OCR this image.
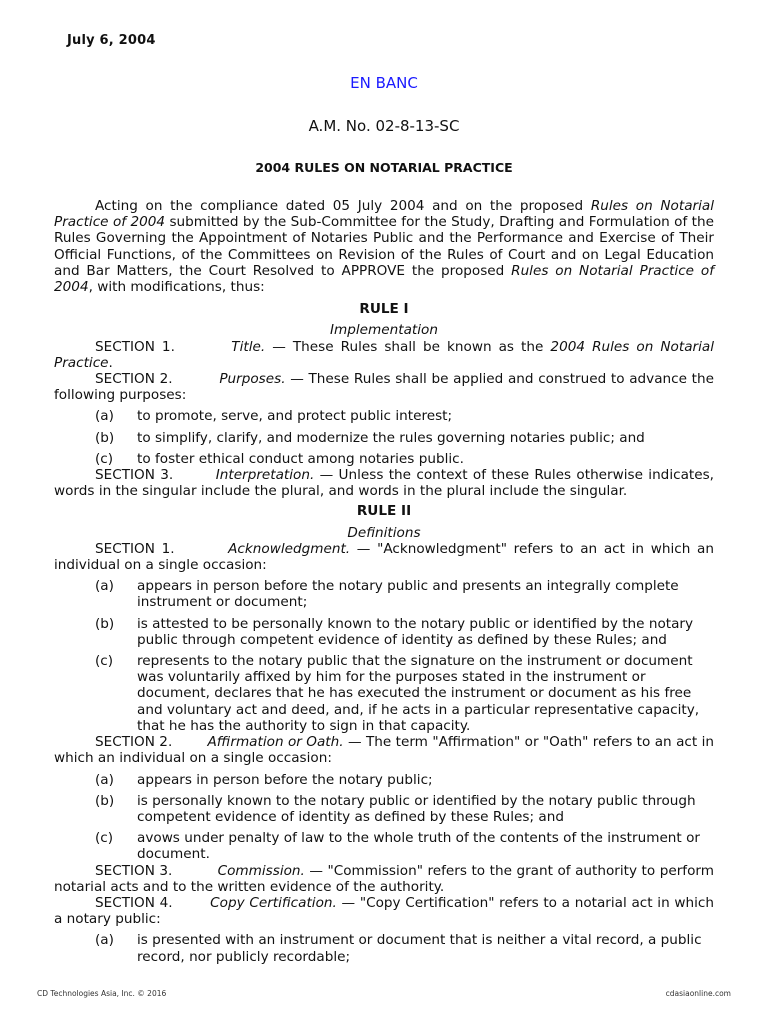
July 6, 2004
EN BANC
A.M. No. 02-8-13-SC
2004 RULES ON NOTARIAL PRACTICE

Acting on the compliance dated 05 July 2004 and on the proposed Rules on Notarial Practice of 2004 submitted by the Sub-Committee for the Study, Drafting and Formulation of the Rules Governing the Appointment of Notaries Public and the Performance and Exercise of Their Official Functions, of the Committees on Revision of the Rules of Court and on Legal Education and Bar Matters, the Court Resolved to APPROVE the proposed Rules on Notarial Practice of 2004, with modifications, thus:

RULE I

Implementation

SECTION 1.	Title. — These Rules shall be known as the 2004 Rules on Notarial Practice.

SECTION 2.	Purposes. — These Rules shall be applied and construed to advance the following purposes:

(a) to promote, serve, and protect public interest;
(b) to simplify, clarify, and modernize the rules governing notaries public; and
(c) to foster ethical conduct among notaries public.

SECTION 3.	Interpretation. — Unless the context of these Rules otherwise indicates, words in the singular include the plural, and words in the plural include the singular.

RULE II

Definitions

SECTION 1.	Acknowledgment. — "Acknowledgment" refers to an act in which an individual on a single occasion:

(a) appears in person before the notary public and presents an integrally complete instrument or document;
(b) is attested to be personally known to the notary public or identified by the notary public through competent evidence of identity as defined by these Rules; and
(c) represents to the notary public that the signature on the instrument or document was voluntarily affixed by him for the purposes stated in the instrument or document, declares that he has executed the instrument or document as his free and voluntary act and deed, and, if he acts in a particular representative capacity, that he has the authority to sign in that capacity.

SECTION 2.	Affirmation or Oath. — The term "Affirmation" or "Oath" refers to an act in which an individual on a single occasion:

(a) appears in person before the notary public;
(b) is personally known to the notary public or identified by the notary public through competent evidence of identity as defined by these Rules; and
(c) avows under penalty of law to the whole truth of the contents of the instrument or document.

SECTION 3.	Commission. — "Commission" refers to the grant of authority to perform notarial acts and to the written evidence of the authority.

SECTION 4.	Copy Certification. — "Copy Certification" refers to a notarial act in which a notary public:

(a) is presented with an instrument or document that is neither a vital record, a public record, nor publicly recordable;
CD Technologies Asia, Inc. © 2016	cdasiaonline.com
